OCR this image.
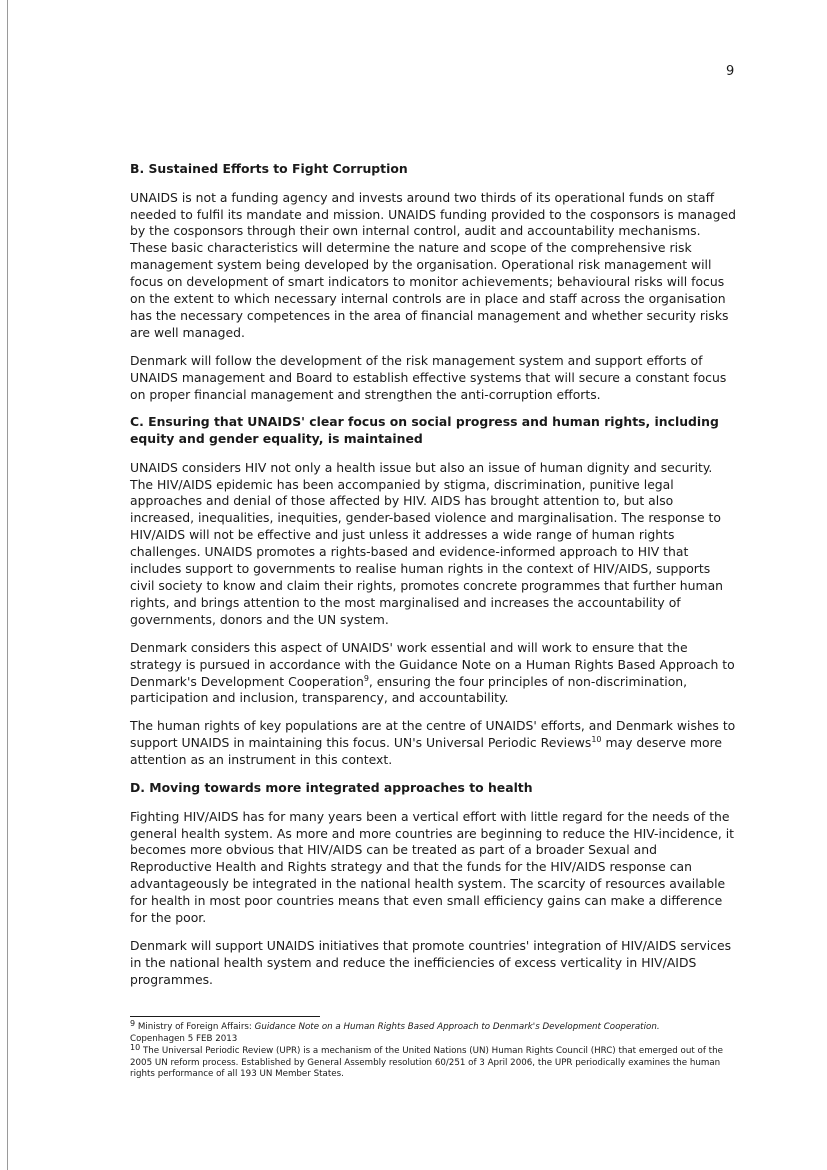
9
B. Sustained Efforts to Fight Corruption

UNAIDS is not a funding agency and invests around two thirds of its operational funds on staff needed to fulfil its mandate and mission. UNAIDS funding provided to the cosponsors is managed by the cosponsors through their own internal control, audit and accountability mechanisms. These basic characteristics will determine the nature and scope of the comprehensive risk management system being developed by the organisation. Operational risk management will focus on development of smart indicators to monitor achievements; behavioural risks will focus on the extent to which necessary internal controls are in place and staff across the organisation has the necessary competences in the area of financial management and whether security risks are well managed.

Denmark will follow the development of the risk management system and support efforts of UNAIDS management and Board to establish effective systems that will secure a constant focus on proper financial management and strengthen the anti-corruption efforts.

C. Ensuring that UNAIDS' clear focus on social progress and human rights, including equity and gender equality, is maintained

UNAIDS considers HIV not only a health issue but also an issue of human dignity and security. The HIV/AIDS epidemic has been accompanied by stigma, discrimination, punitive legal approaches and denial of those affected by HIV. AIDS has brought attention to, but also increased, inequalities, inequities, gender-based violence and marginalisation. The response to HIV/AIDS will not be effective and just unless it addresses a wide range of human rights challenges. UNAIDS promotes a rights-based and evidence-informed approach to HIV that includes support to governments to realise human rights in the context of HIV/AIDS, supports civil society to know and claim their rights, promotes concrete programmes that further human rights, and brings attention to the most marginalised and increases the accountability of governments, donors and the UN system.

Denmark considers this aspect of UNAIDS' work essential and will work to ensure that the strategy is pursued in accordance with the Guidance Note on a Human Rights Based Approach to Denmark's Development Cooperation$^9$, ensuring the four principles of non-discrimination, participation and inclusion, transparency, and accountability.

The human rights of key populations are at the centre of UNAIDS' efforts, and Denmark wishes to support UNAIDS in maintaining this focus. UN's Universal Periodic Reviews$^{10}$ may deserve more attention as an instrument in this context.

D. Moving towards more integrated approaches to health

Fighting HIV/AIDS has for many years been a vertical effort with little regard for the needs of the general health system. As more and more countries are beginning to reduce the HIV-incidence, it becomes more obvious that HIV/AIDS can be treated as part of a broader Sexual and Reproductive Health and Rights strategy and that the funds for the HIV/AIDS response can advantageously be integrated in the national health system. The scarcity of resources available for health in most poor countries means that even small efficiency gains can make a difference for the poor.

Denmark will support UNAIDS initiatives that promote countries' integration of HIV/AIDS services in the national health system and reduce the inefficiencies of excess verticality in HIV/AIDS programmes.

$^9$ Ministry of Foreign Affairs: Guidance Note on a Human Rights Based Approach to Denmark's Development Cooperation.
Copenhagen 5 FEB 2013
$^{10}$ The Universal Periodic Review (UPR) is a mechanism of the United Nations (UN) Human Rights Council (HRC) that emerged out of the 2005 UN reform process. Established by General Assembly resolution 60/251 of 3 April 2006, the UPR periodically examines the human rights performance of all 193 UN Member States.
